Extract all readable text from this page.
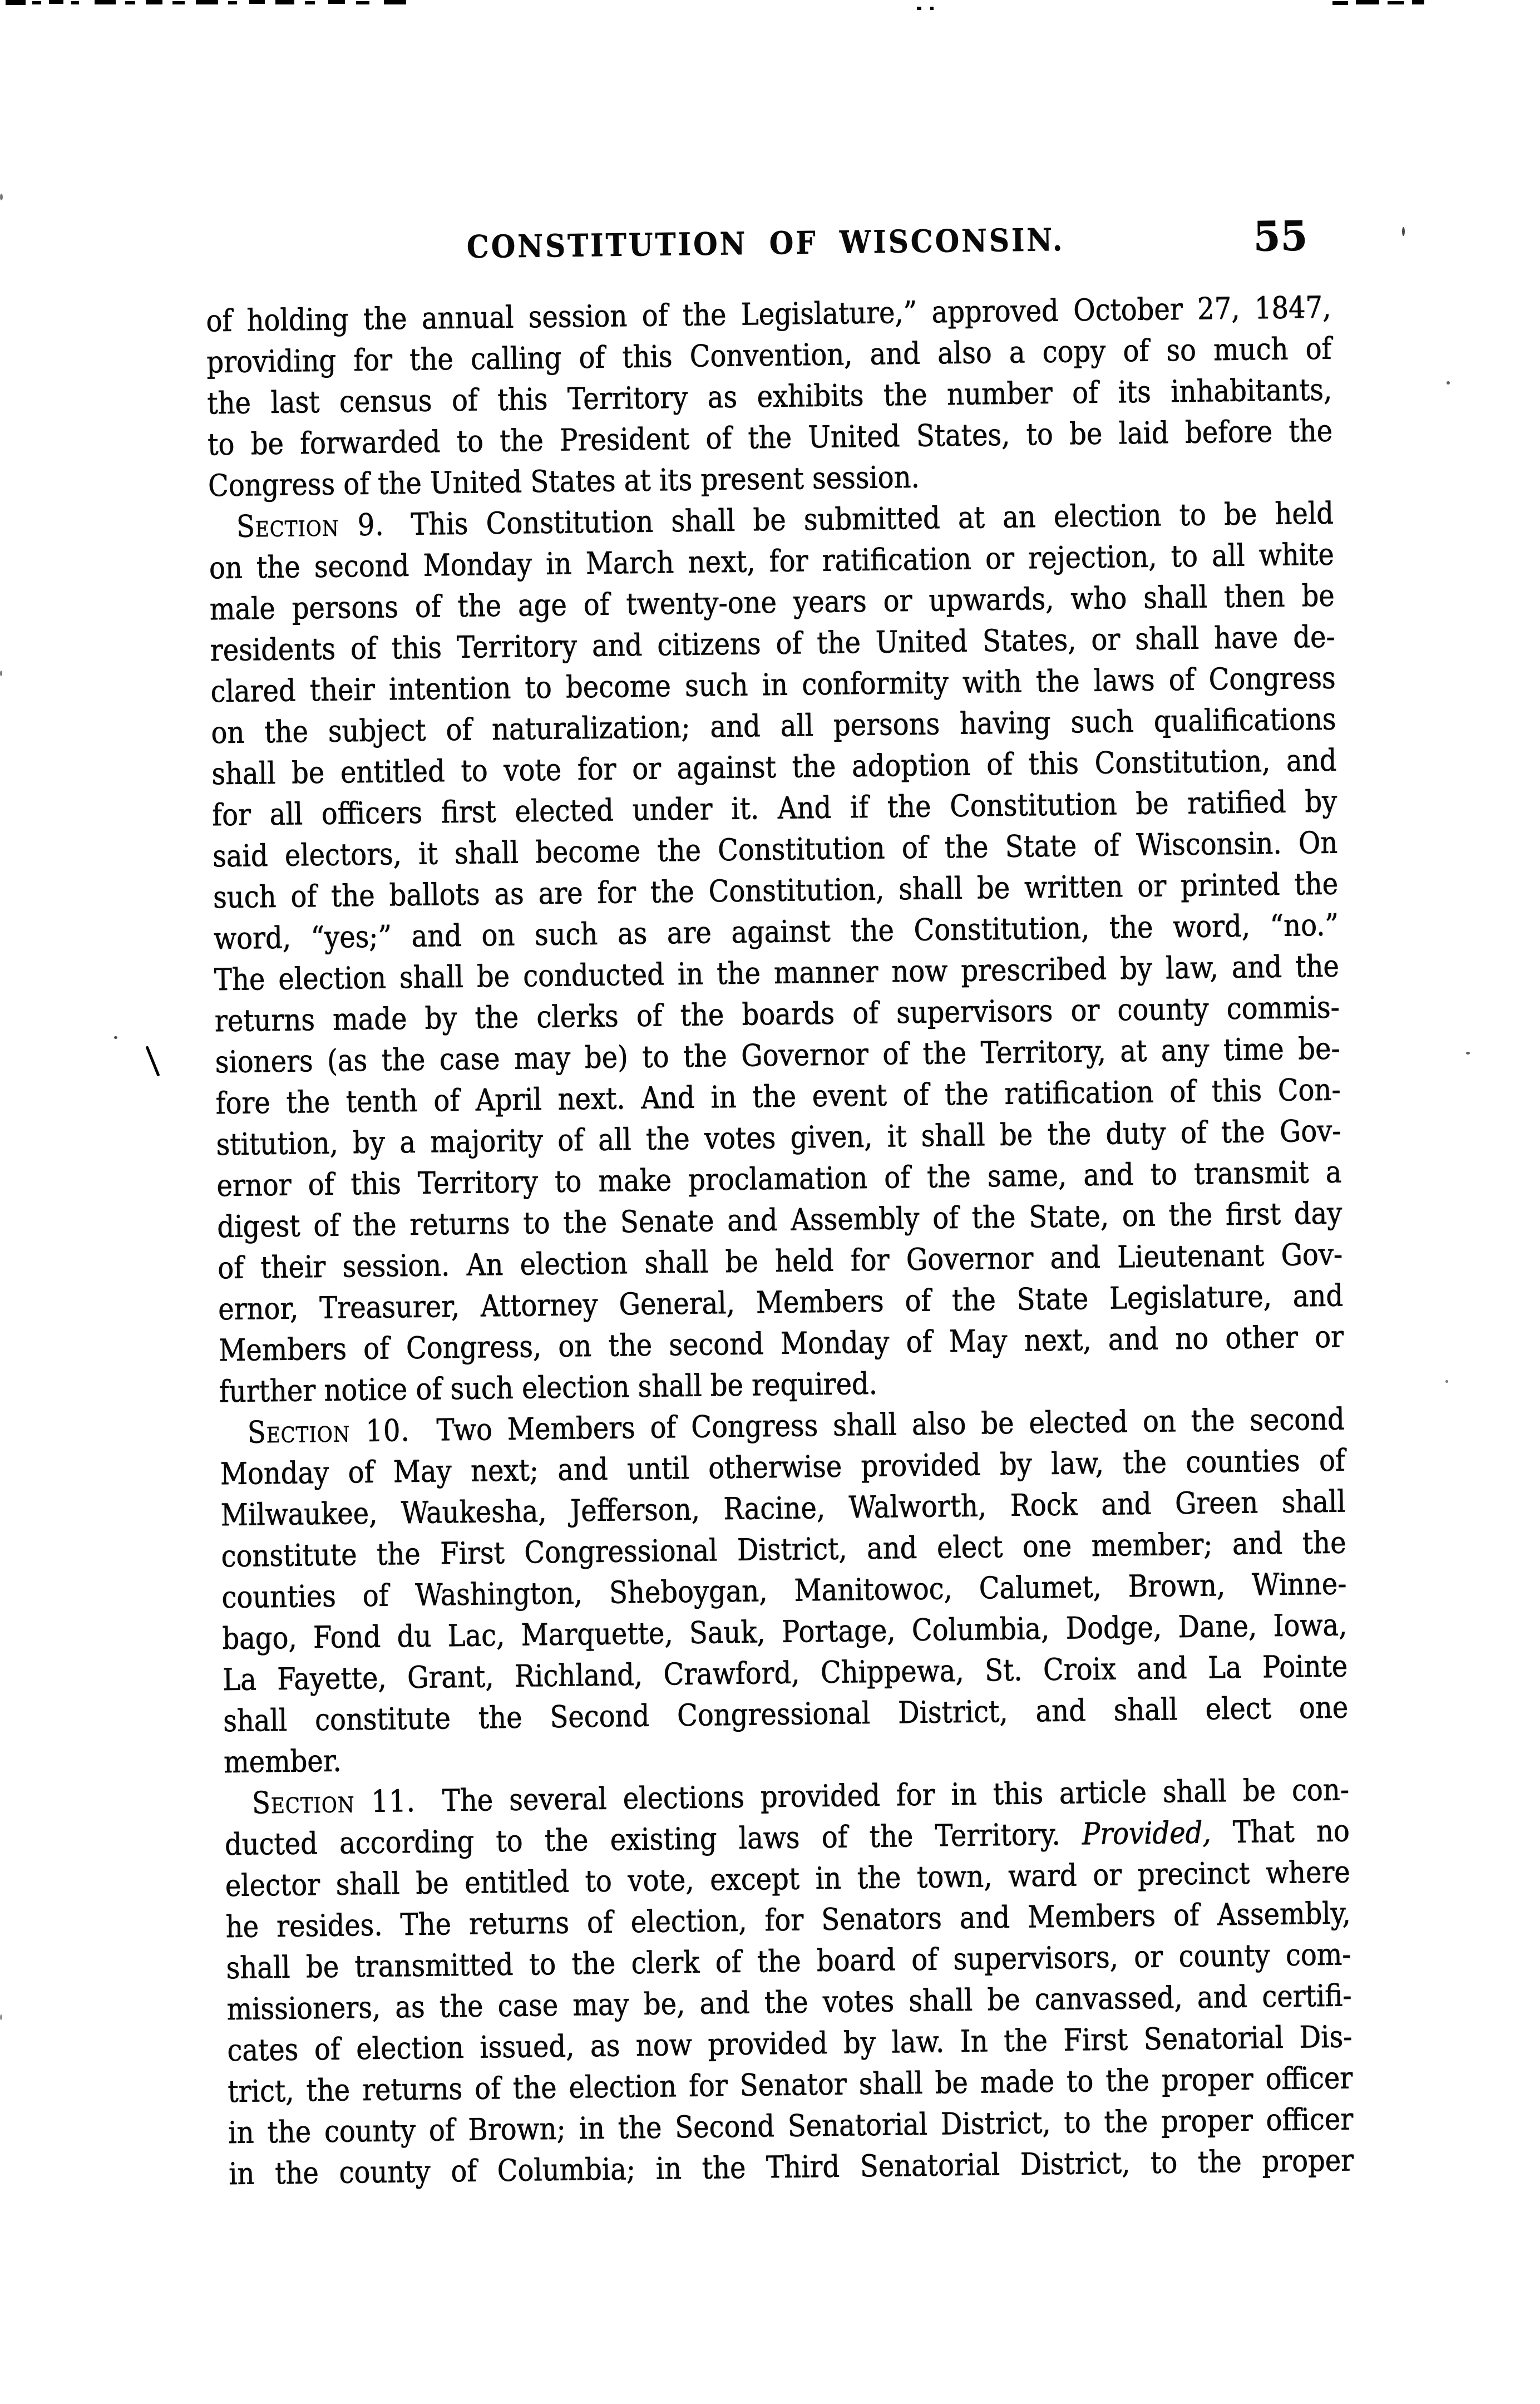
CONSTITUTION OF WISCONSIN.	55
of holding the annual session of the Legislature,” approved October 27, 1847,
providing for the calling of this Convention, and also a copy of so much of
the last census of this Territory as exhibits the number of its inhabitants,
to be forwarded to the President of the United States, to be laid before the
Congress of the United States at its present session.
Section 9.  This Constitution shall be submitted at an election to be held
on the second Monday in March next, for ratification or rejection, to all white
male persons of the age of twenty-one years or upwards, who shall then be
residents of this Territory and citizens of the United States, or shall have de-
clared their intention to become such in conformity with the laws of Congress
on the subject of naturalization; and all persons having such qualifications
shall be entitled to vote for or against the adoption of this Constitution, and
for all officers first elected under it. And if the Constitution be ratified by
said electors, it shall become the Constitution of the State of Wisconsin. On
such of the ballots as are for the Constitution, shall be written or printed the
word, “yes;” and on such as are against the Constitution, the word, “no.”
The election shall be conducted in the manner now prescribed by law, and the
returns made by the clerks of the boards of supervisors or county commis-
sioners (as the case may be) to the Governor of the Territory, at any time be-
fore the tenth of April next. And in the event of the ratification of this Con-
stitution, by a majority of all the votes given, it shall be the duty of the Gov-
ernor of this Territory to make proclamation of the same, and to transmit a
digest of the returns to the Senate and Assembly of the State, on the first day
of their session. An election shall be held for Governor and Lieutenant Gov-
ernor, Treasurer, Attorney General, Members of the State Legislature, and
Members of Congress, on the second Monday of May next, and no other or
further notice of such election shall be required.
Section 10.  Two Members of Congress shall also be elected on the second
Monday of May next; and until otherwise provided by law, the counties of
Milwaukee, Waukesha, Jefferson, Racine, Walworth, Rock and Green shall
constitute the First Congressional District, and elect one member; and the
counties of Washington, Sheboygan, Manitowoc, Calumet, Brown, Winne-
bago, Fond du Lac, Marquette, Sauk, Portage, Columbia, Dodge, Dane, Iowa,
La Fayette, Grant, Richland, Crawford, Chippewa, St. Croix and La Pointe
shall constitute the Second Congressional District, and shall elect one
member.
Section 11.  The several elections provided for in this article shall be con-
ducted according to the existing laws of the Territory. Provided, That no
elector shall be entitled to vote, except in the town, ward or precinct where
he resides. The returns of election, for Senators and Members of Assembly,
shall be transmitted to the clerk of the board of supervisors, or county com-
missioners, as the case may be, and the votes shall be canvassed, and certifi-
cates of election issued, as now provided by law. In the First Senatorial Dis-
trict, the returns of the election for Senator shall be made to the proper officer
in the county of Brown; in the Second Senatorial District, to the proper officer
in the county of Columbia; in the Third Senatorial District, to the proper
